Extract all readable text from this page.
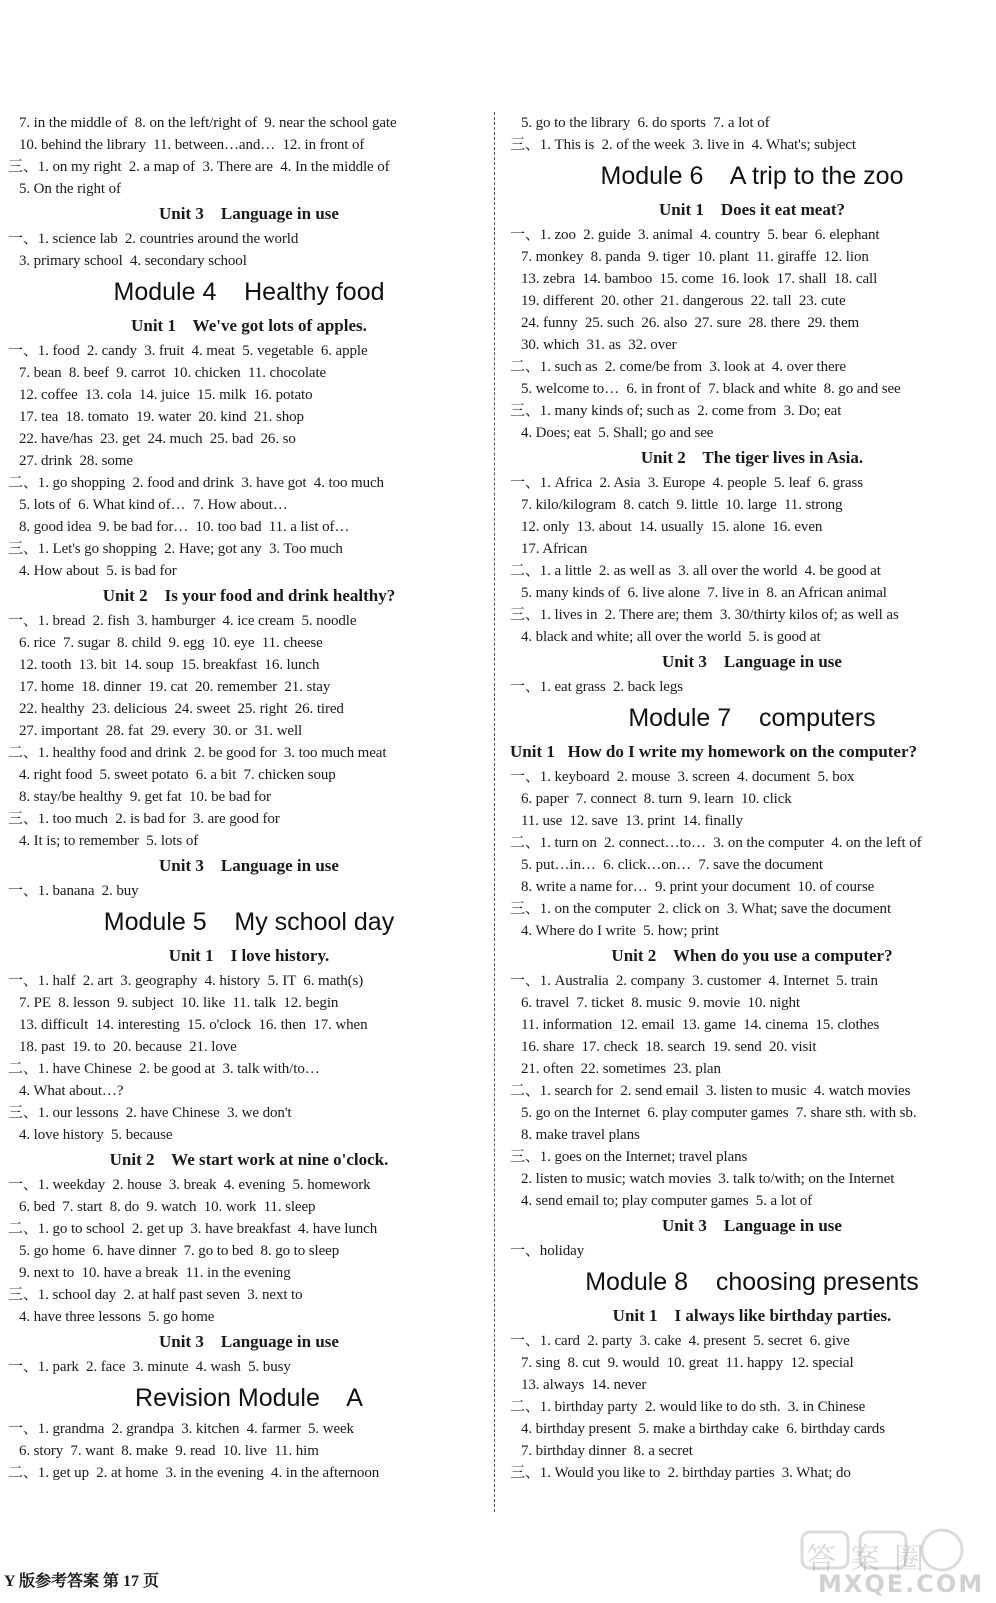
7. in the middle of  8. on the left/right of  9. near the school gate
10. behind the library  11. between…and…  12. in front of
三、1. on my right  2. a map of  3. There are  4. In the middle of
5. On the right of
Unit 3    Language in use
一、1. science lab  2. countries around the world
3. primary school  4. secondary school
Module 4    Healthy food
Unit 1    We've got lots of apples.
一、1. food  2. candy  3. fruit  4. meat  5. vegetable  6. apple
7. bean  8. beef  9. carrot  10. chicken  11. chocolate
12. coffee  13. cola  14. juice  15. milk  16. potato
17. tea  18. tomato  19. water  20. kind  21. shop
22. have/has  23. get  24. much  25. bad  26. so
27. drink  28. some
二、1. go shopping  2. food and drink  3. have got  4. too much
5. lots of  6. What kind of…  7. How about…
8. good idea  9. be bad for…  10. too bad  11. a list of…
三、1. Let's go shopping  2. Have; got any  3. Too much
4. How about  5. is bad for
Unit 2    Is your food and drink healthy?
一、1. bread  2. fish  3. hamburger  4. ice cream  5. noodle
6. rice  7. sugar  8. child  9. egg  10. eye  11. cheese
12. tooth  13. bit  14. soup  15. breakfast  16. lunch
17. home  18. dinner  19. cat  20. remember  21. stay
22. healthy  23. delicious  24. sweet  25. right  26. tired
27. important  28. fat  29. every  30. or  31. well
二、1. healthy food and drink  2. be good for  3. too much meat
4. right food  5. sweet potato  6. a bit  7. chicken soup
8. stay/be healthy  9. get fat  10. be bad for
三、1. too much  2. is bad for  3. are good for
4. It is; to remember  5. lots of
Unit 3    Language in use
一、1. banana  2. buy
Module 5    My school day
Unit 1    I love history.
一、1. half  2. art  3. geography  4. history  5. IT  6. math(s)
7. PE  8. lesson  9. subject  10. like  11. talk  12. begin
13. difficult  14. interesting  15. o'clock  16. then  17. when
18. past  19. to  20. because  21. love
二、1. have Chinese  2. be good at  3. talk with/to…
4. What about…?
三、1. our lessons  2. have Chinese  3. we don't
4. love history  5. because
Unit 2    We start work at nine o'clock.
一、1. weekday  2. house  3. break  4. evening  5. homework
6. bed  7. start  8. do  9. watch  10. work  11. sleep
二、1. go to school  2. get up  3. have breakfast  4. have lunch
5. go home  6. have dinner  7. go to bed  8. go to sleep
9. next to  10. have a break  11. in the evening
三、1. school day  2. at half past seven  3. next to
4. have three lessons  5. go home
Unit 3    Language in use
一、1. park  2. face  3. minute  4. wash  5. busy
Revision Module    A
一、1. grandma  2. grandpa  3. kitchen  4. farmer  5. week
6. story  7. want  8. make  9. read  10. live  11. him
二、1. get up  2. at home  3. in the evening  4. in the afternoon
5. go to the library  6. do sports  7. a lot of
三、1. This is  2. of the week  3. live in  4. What's; subject
Module 6    A trip to the zoo
Unit 1    Does it eat meat?
一、1. zoo  2. guide  3. animal  4. country  5. bear  6. elephant
7. monkey  8. panda  9. tiger  10. plant  11. giraffe  12. lion
13. zebra  14. bamboo  15. come  16. look  17. shall  18. call
19. different  20. other  21. dangerous  22. tall  23. cute
24. funny  25. such  26. also  27. sure  28. there  29. them
30. which  31. as  32. over
二、1. such as  2. come/be from  3. look at  4. over there
5. welcome to…  6. in front of  7. black and white  8. go and see
三、1. many kinds of; such as  2. come from  3. Do; eat
4. Does; eat  5. Shall; go and see
Unit 2    The tiger lives in Asia.
一、1. Africa  2. Asia  3. Europe  4. people  5. leaf  6. grass
7. kilo/kilogram  8. catch  9. little  10. large  11. strong
12. only  13. about  14. usually  15. alone  16. even
17. African
二、1. a little  2. as well as  3. all over the world  4. be good at
5. many kinds of  6. live alone  7. live in  8. an African animal
三、1. lives in  2. There are; them  3. 30/thirty kilos of; as well as
4. black and white; all over the world  5. is good at
Unit 3    Language in use
一、1. eat grass  2. back legs
Module 7    computers
Unit 1   How do I write my homework on the computer?
一、1. keyboard  2. mouse  3. screen  4. document  5. box
6. paper  7. connect  8. turn  9. learn  10. click
11. use  12. save  13. print  14. finally
二、1. turn on  2. connect…to…  3. on the computer  4. on the left of
5. put…in…  6. click…on…  7. save the document
8. write a name for…  9. print your document  10. of course
三、1. on the computer  2. click on  3. What; save the document
4. Where do I write  5. how; print
Unit 2    When do you use a computer?
一、1. Australia  2. company  3. customer  4. Internet  5. train
6. travel  7. ticket  8. music  9. movie  10. night
11. information  12. email  13. game  14. cinema  15. clothes
16. share  17. check  18. search  19. send  20. visit
21. often  22. sometimes  23. plan
二、1. search for  2. send email  3. listen to music  4. watch movies
5. go on the Internet  6. play computer games  7. share sth. with sb.
8. make travel plans
三、1. goes on the Internet; travel plans
2. listen to music; watch movies  3. talk to/with; on the Internet
4. send email to; play computer games  5. a lot of
Unit 3    Language in use
一、holiday
Module 8    choosing presents
Unit 1    I always like birthday parties.
一、1. card  2. party  3. cake  4. present  5. secret  6. give
7. sing  8. cut  9. would  10. great  11. happy  12. special
13. always  14. never
二、1. birthday party  2. would like to do sth.  3. in Chinese
4. birthday present  5. make a birthday cake  6. birthday cards
7. birthday dinner  8. a secret
三、1. Would you like to  2. birthday parties  3. What; do
Y 版参考答案 第 17 页
答案圈
MXQE.COM
